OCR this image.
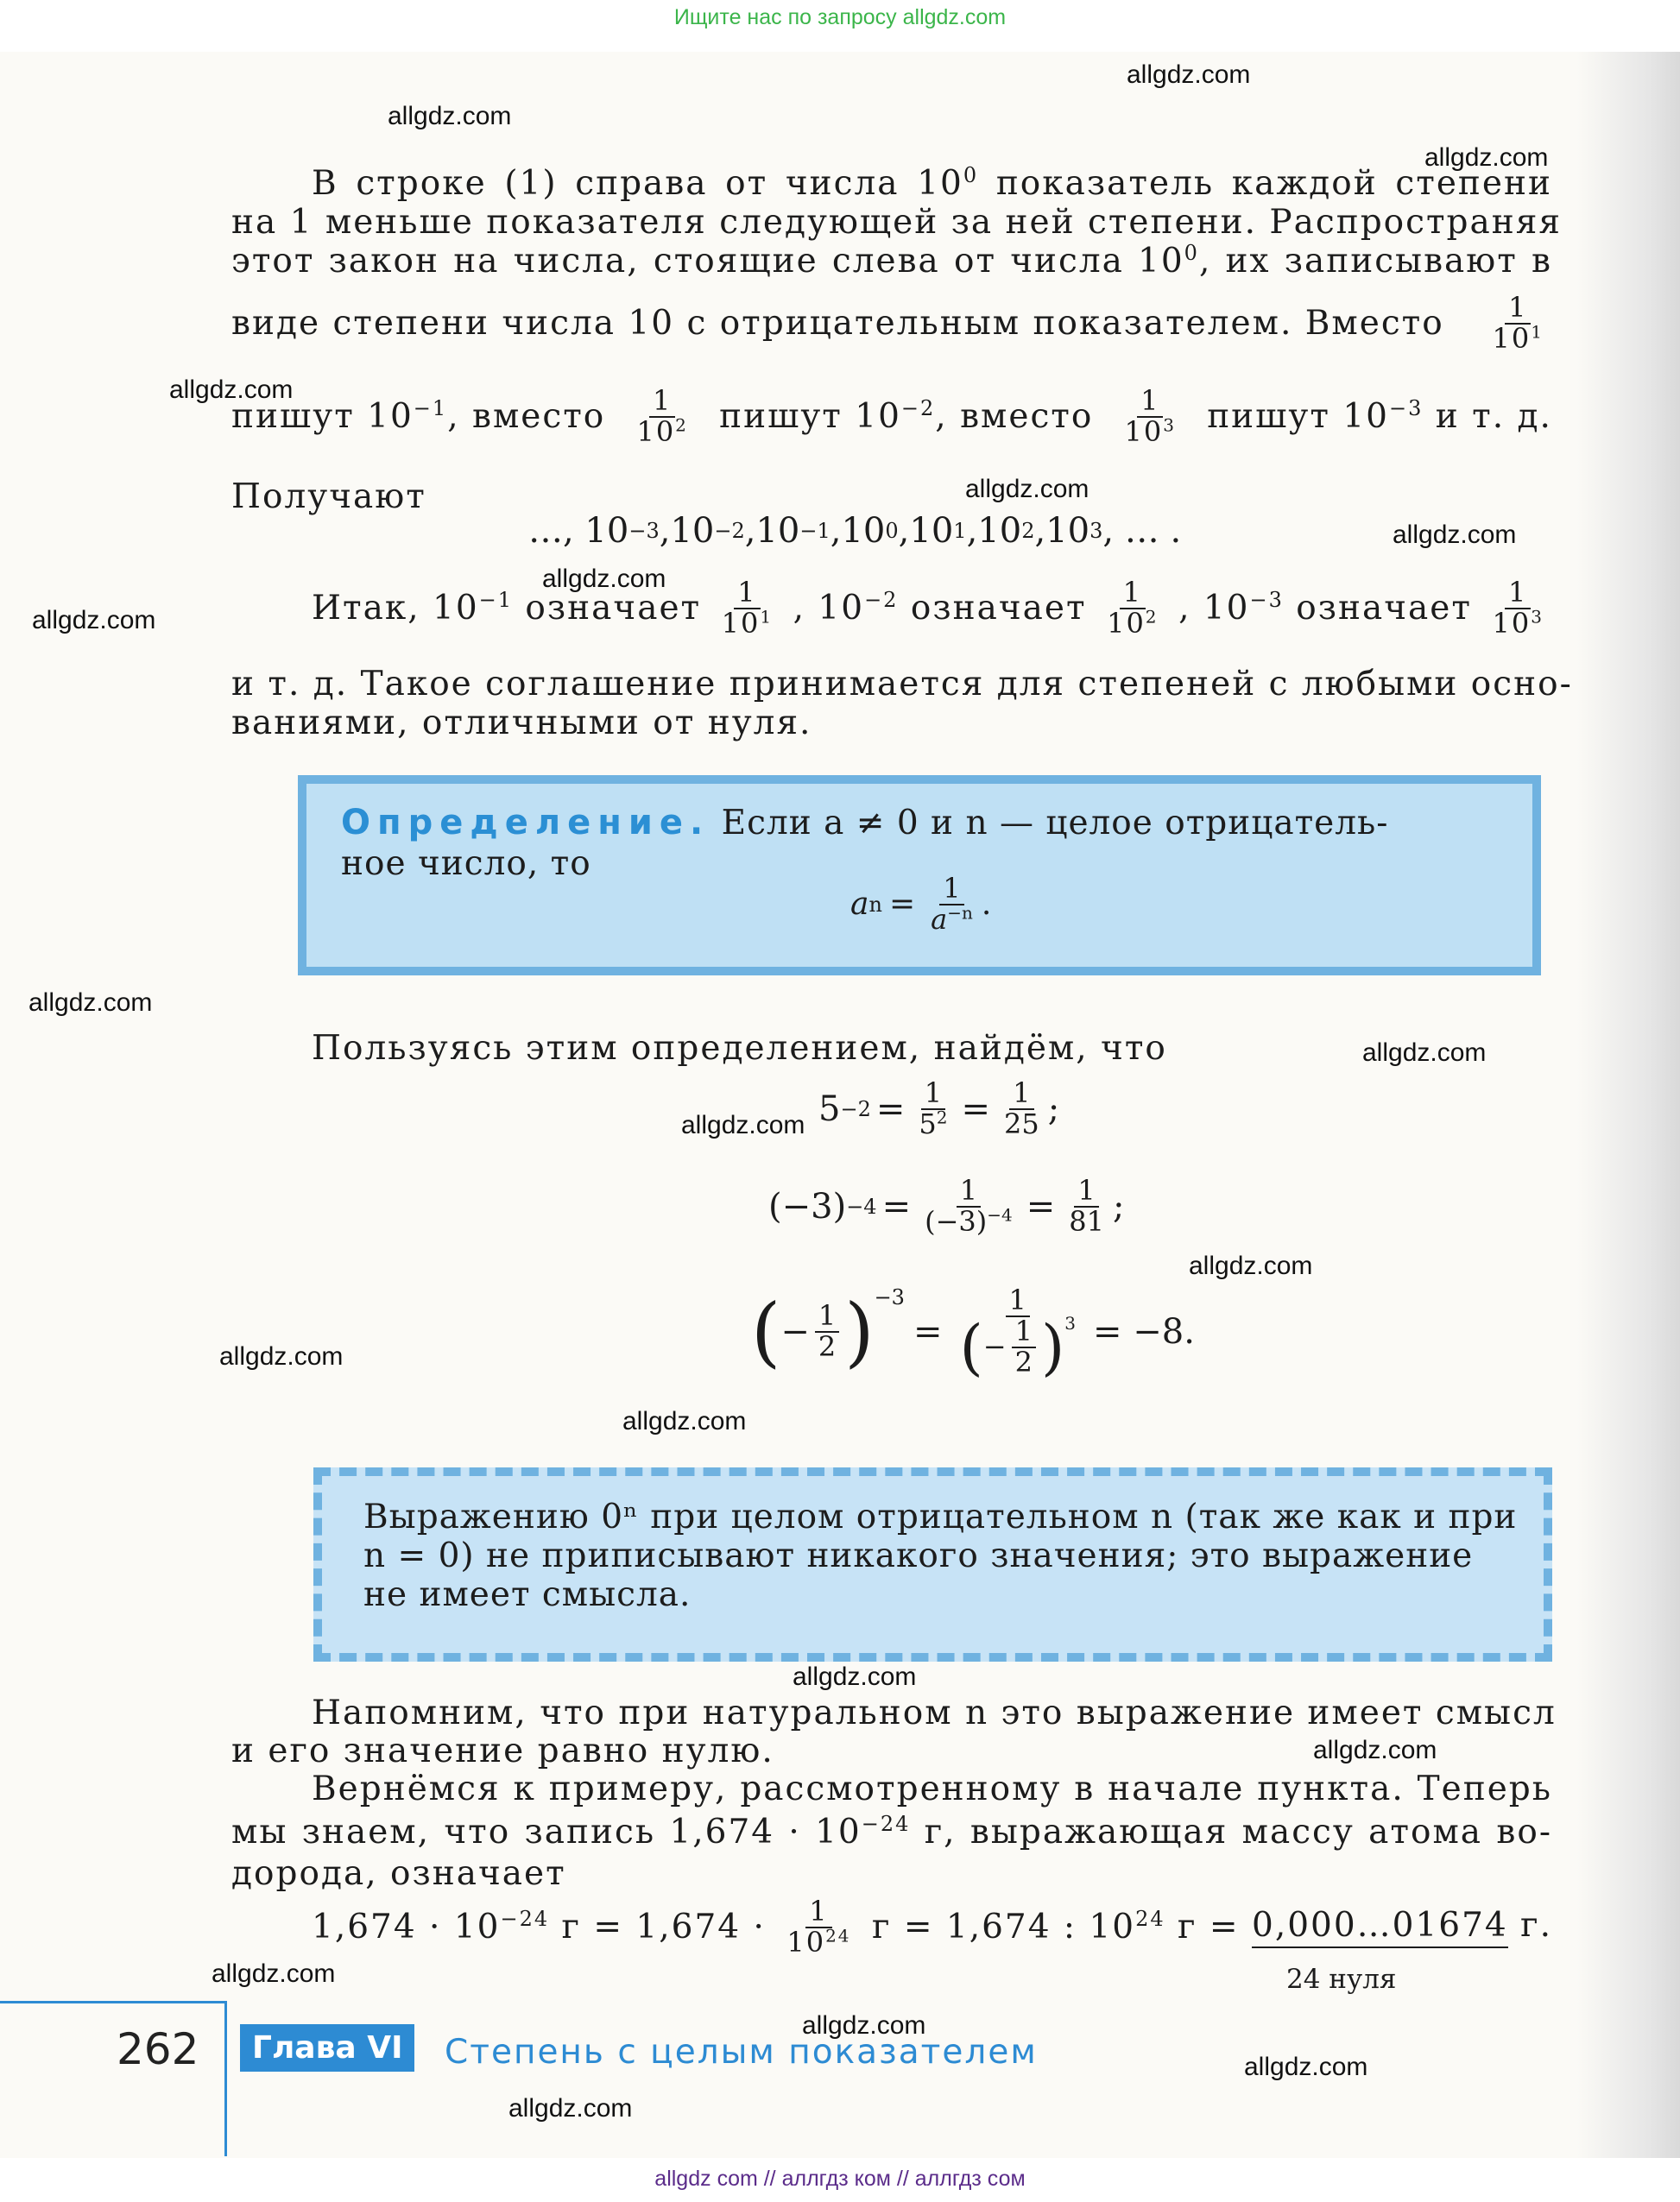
Ищите нас по запросу allgdz.com
В строке (1) справа от числа $10^0$ показатель каждой степени
на 1 меньше показателя следующей за ней степени. Распространяя
этот закон на числа, стоящие слева от числа $10^0$, их записывают в
виде степени числа 10 с отрицательным показателем. Вместо $\frac{1}{10^1}$
пишут $10^{-1}$, вместо $\frac{1}{10^2}$ пишут $10^{-2}$, вместо $\frac{1}{10^3}$ пишут $10^{-3}$ и т. д.
Получают
…, 10 −3 , 10 −2 , 10 −1 , 10 0 , 10 1 , 10 2 , 10 3 , … .
Итак, $10^{-1}$ означает $\frac{1}{10^1}$ , $10^{-2}$ означает $\frac{1}{10^2}$ , $10^{-3}$ означает $\frac{1}{10^3}$
и т. д. Такое соглашение принимается для степеней с любыми осно-
ваниями, отличными от нуля.
Определение. Если a ≠ 0 и n — целое отрицатель-
ное число, то
a $n = \frac{1}{a^{-n}}$ .
Пользуясь этим определением, найдём, что
$5 -2 = \frac{1}{5^2} = \frac{1}{25}$ ;
$(-3) -4 = \frac{1}{(-3)^{-4}} = \frac{1}{81}$ ;
( − $\frac{1}{2} )^{-3}$
= $\frac{1}{( - \frac{1}{2} )^3} = -8$.
Выражению 0ⁿ при целом отрицательном n (так же как и при
n = 0) не приписывают никакого значения; это выражение
не имеет смысла.
Напомним, что при натуральном n это выражение имеет смысл
и его значение равно нулю.
Вернёмся к примеру, рассмотренному в начале пункта. Теперь
мы знаем, что запись $1,674 \cdot 10^{-24}$ г, выражающая массу атома во-
дорода, означает
$1,674 \cdot 10^{-24}$ $г = 1,674 \cdot \frac{1}{10^{24}}$ г = 1,674 : $10^{24}$ г = 0,000…01674 г.
24 нуля
allgdz.com
allgdz.com
allgdz.com
allgdz.com
allgdz.com
allgdz.com
allgdz.com
allgdz.com
allgdz.com
allgdz.com
allgdz.com
allgdz.com
allgdz.com
allgdz.com
allgdz.com
allgdz.com
allgdz.com
allgdz.com
allgdz.com
allgdz.com
262	Глава VI	Степень с целым показателем
allgdz com // аллгдз ком // аллгдз сом
